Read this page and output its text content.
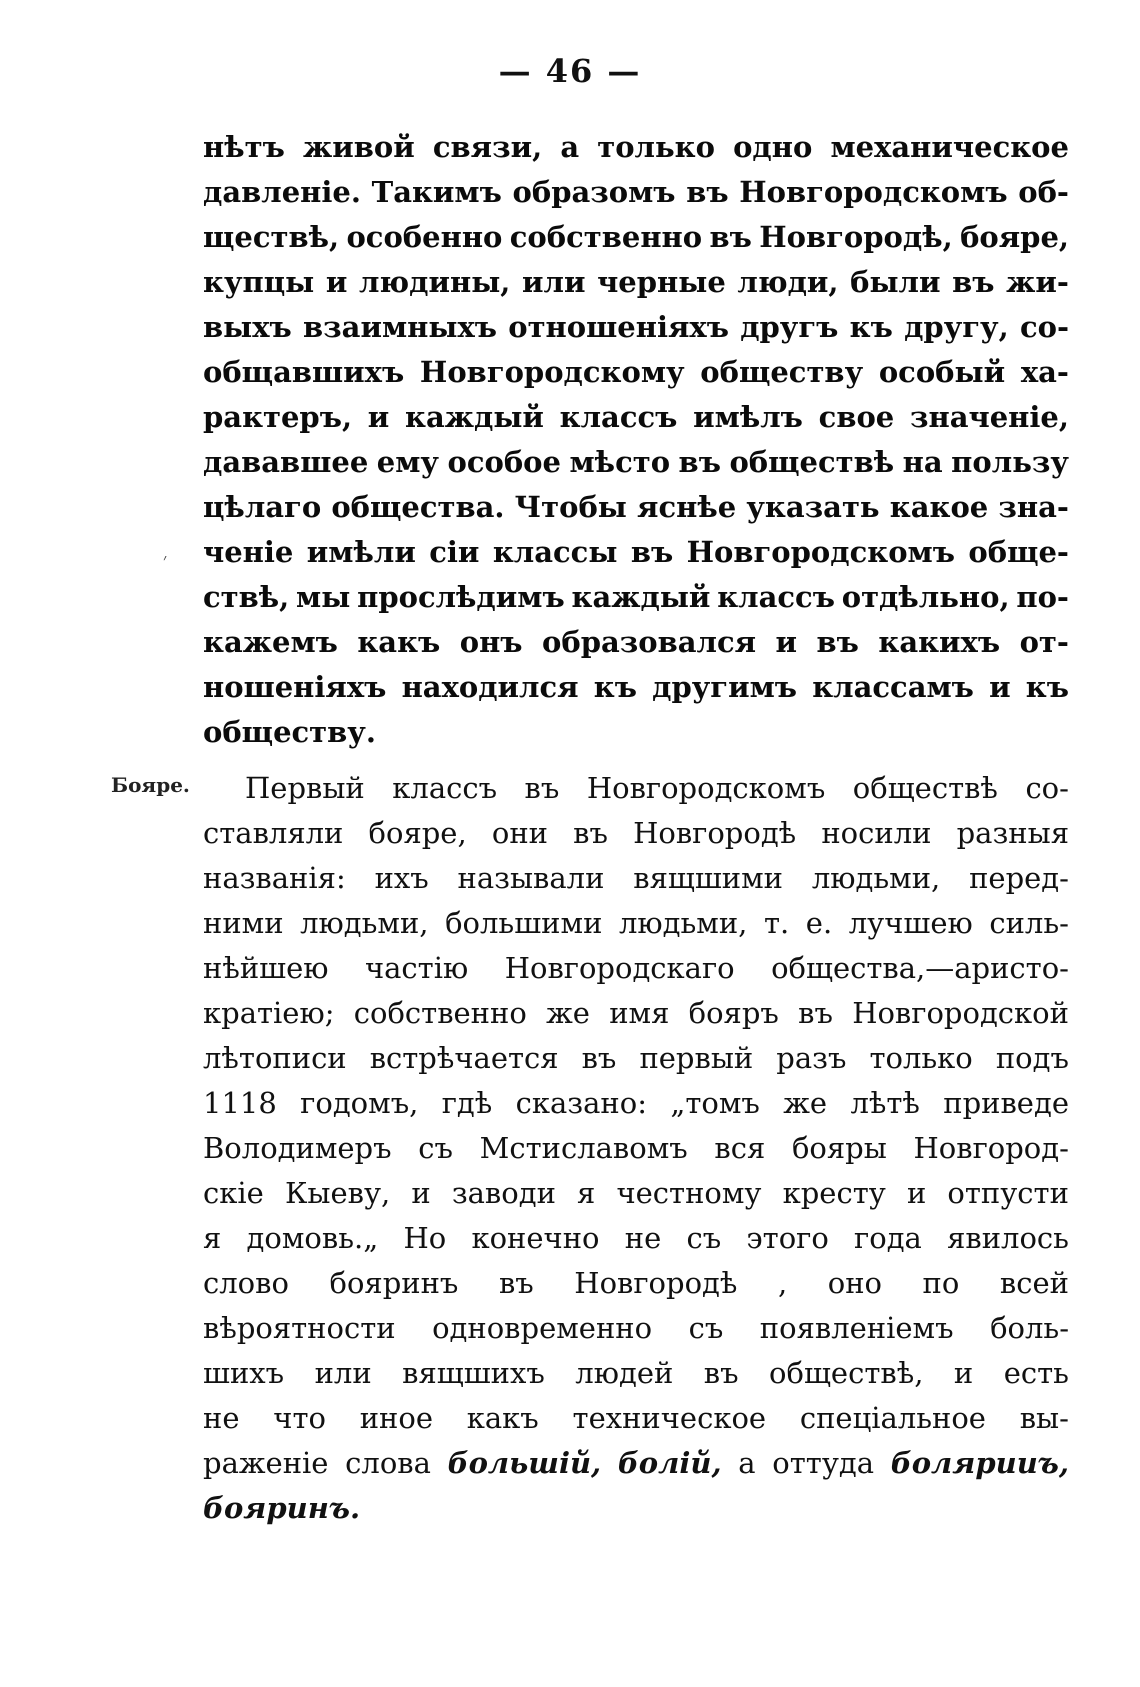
— 46 —
׳
нѣтъ живой связи, а только одно механическое
давленіе. Такимъ образомъ въ Новгородскомъ об-
ществѣ, особенно собственно въ Новгородѣ, бояре,
купцы и людины, или черные люди, были въ жи-
выхъ взаимныхъ отношеніяхъ другъ къ другу, со-
общавшихъ Новгородскому обществу особый ха-
рактеръ, и каждый классъ имѣлъ свое значеніе,
дававшее ему особое мѣсто въ обществѣ на пользу
цѣлаго общества. Чтобы яснѣе указать какое зна-
ченіе имѣли сіи классы въ Новгородскомъ обще-
ствѣ, мы прослѣдимъ каждый классъ отдѣльно, по-
кажемъ какъ онъ образовался и въ какихъ от-
ношеніяхъ находился къ другимъ классамъ и къ
обществу.
Бояре. Первый классъ въ Новгородскомъ обществѣ со-
ставляли бояре, они въ Новгородѣ носили разныя
названія: ихъ называли вящшими людьми, перед-
ними людьми, большими людьми, т. е. лучшею силь-
нѣйшею частію Новгородскаго общества,—аристо-
кратіею; собственно же имя бояръ въ Новгородской
лѣтописи встрѣчается въ первый разъ только подъ
1118 годомъ, гдѣ сказано: „томъ же лѣтѣ приведе
Володимеръ съ Мстиславомъ вся бояры Новгород-
скіе Кыеву, и заводи я честному кресту и отпусти
я домовь.„ Но конечно не съ этого года явилось
слово бояринъ въ Новгородѣ , оно по всей
вѣроятности одновременно съ появленіемъ боль-
шихъ или вящшихъ людей въ обществѣ, и есть
не что иное какъ техническое спеціальное вы-
раженіе слова большій, болій, а оттуда болярииъ,
бояринъ.
